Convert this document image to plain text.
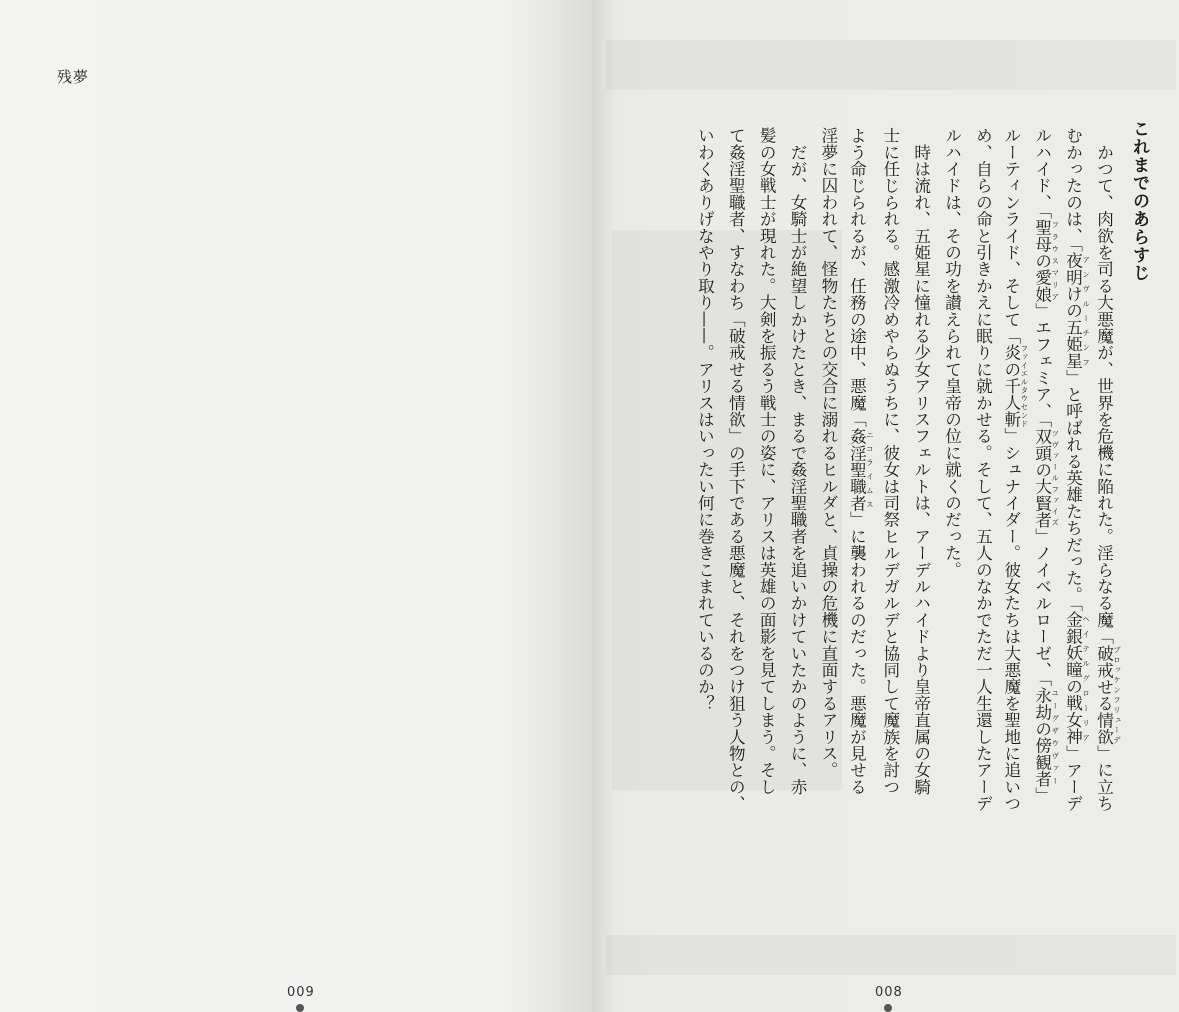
残夢
009
これまでのあらすじ
　かつて、肉欲を司る大悪魔が、世界を危機に陥れた。淫らなる魔「破戒せる情欲 ブロッケンフリューデ」に立ち
むかったのは、「夜明けの五姫星 アンヴルーチンフ」と呼ばれる英雄たちだった。「金銀妖瞳の戦女神 ヘイテルグローリア」アーデ
ルハイド、「聖母の愛娘 フラウスマリア」エフェミア、「双頭の大賢者 ツヴァールファイズ」ノイベルローゼ、「永劫の傍観者 ユーグザウヴァー」
ルーティンライド、そして「炎の千人斬 ファイエルタウセンド」シュナイダー。彼女たちは大悪魔を聖地に追いつ
め、自らの命と引きかえに眠りに就かせる。そして、五人のなかでただ一人生還したアーデ
ルハイドは、その功を讃えられて皇帝の位に就くのだった。
　時は流れ、五姫星に憧れる少女アリスフェルトは、アーデルハイドより皇帝直属の女騎
士に任じられる。感激冷めやらぬうちに、彼女は司祭ヒルデガルデと協同して魔族を討つ
よう命じられるが、任務の途中、悪魔「姦淫聖職者 ニコライムス」に襲われるのだった。悪魔が見せる
淫夢に囚われて、怪物たちとの交合に溺れるヒルダと、貞操の危機に直面するアリス。
　だが、女騎士が絶望しかけたとき、まるで姦淫聖職者を追いかけていたかのように、赤
髪の女戦士が現れた。大剣を振るう戦士の姿に、アリスは英雄の面影を見てしまう。そし
て姦淫聖職者、すなわち「破戒せる情欲」の手下である悪魔と、それをつけ狙う人物との、
いわくありげなやり取り——。アリスはいったい何に巻きこまれているのか？
008
